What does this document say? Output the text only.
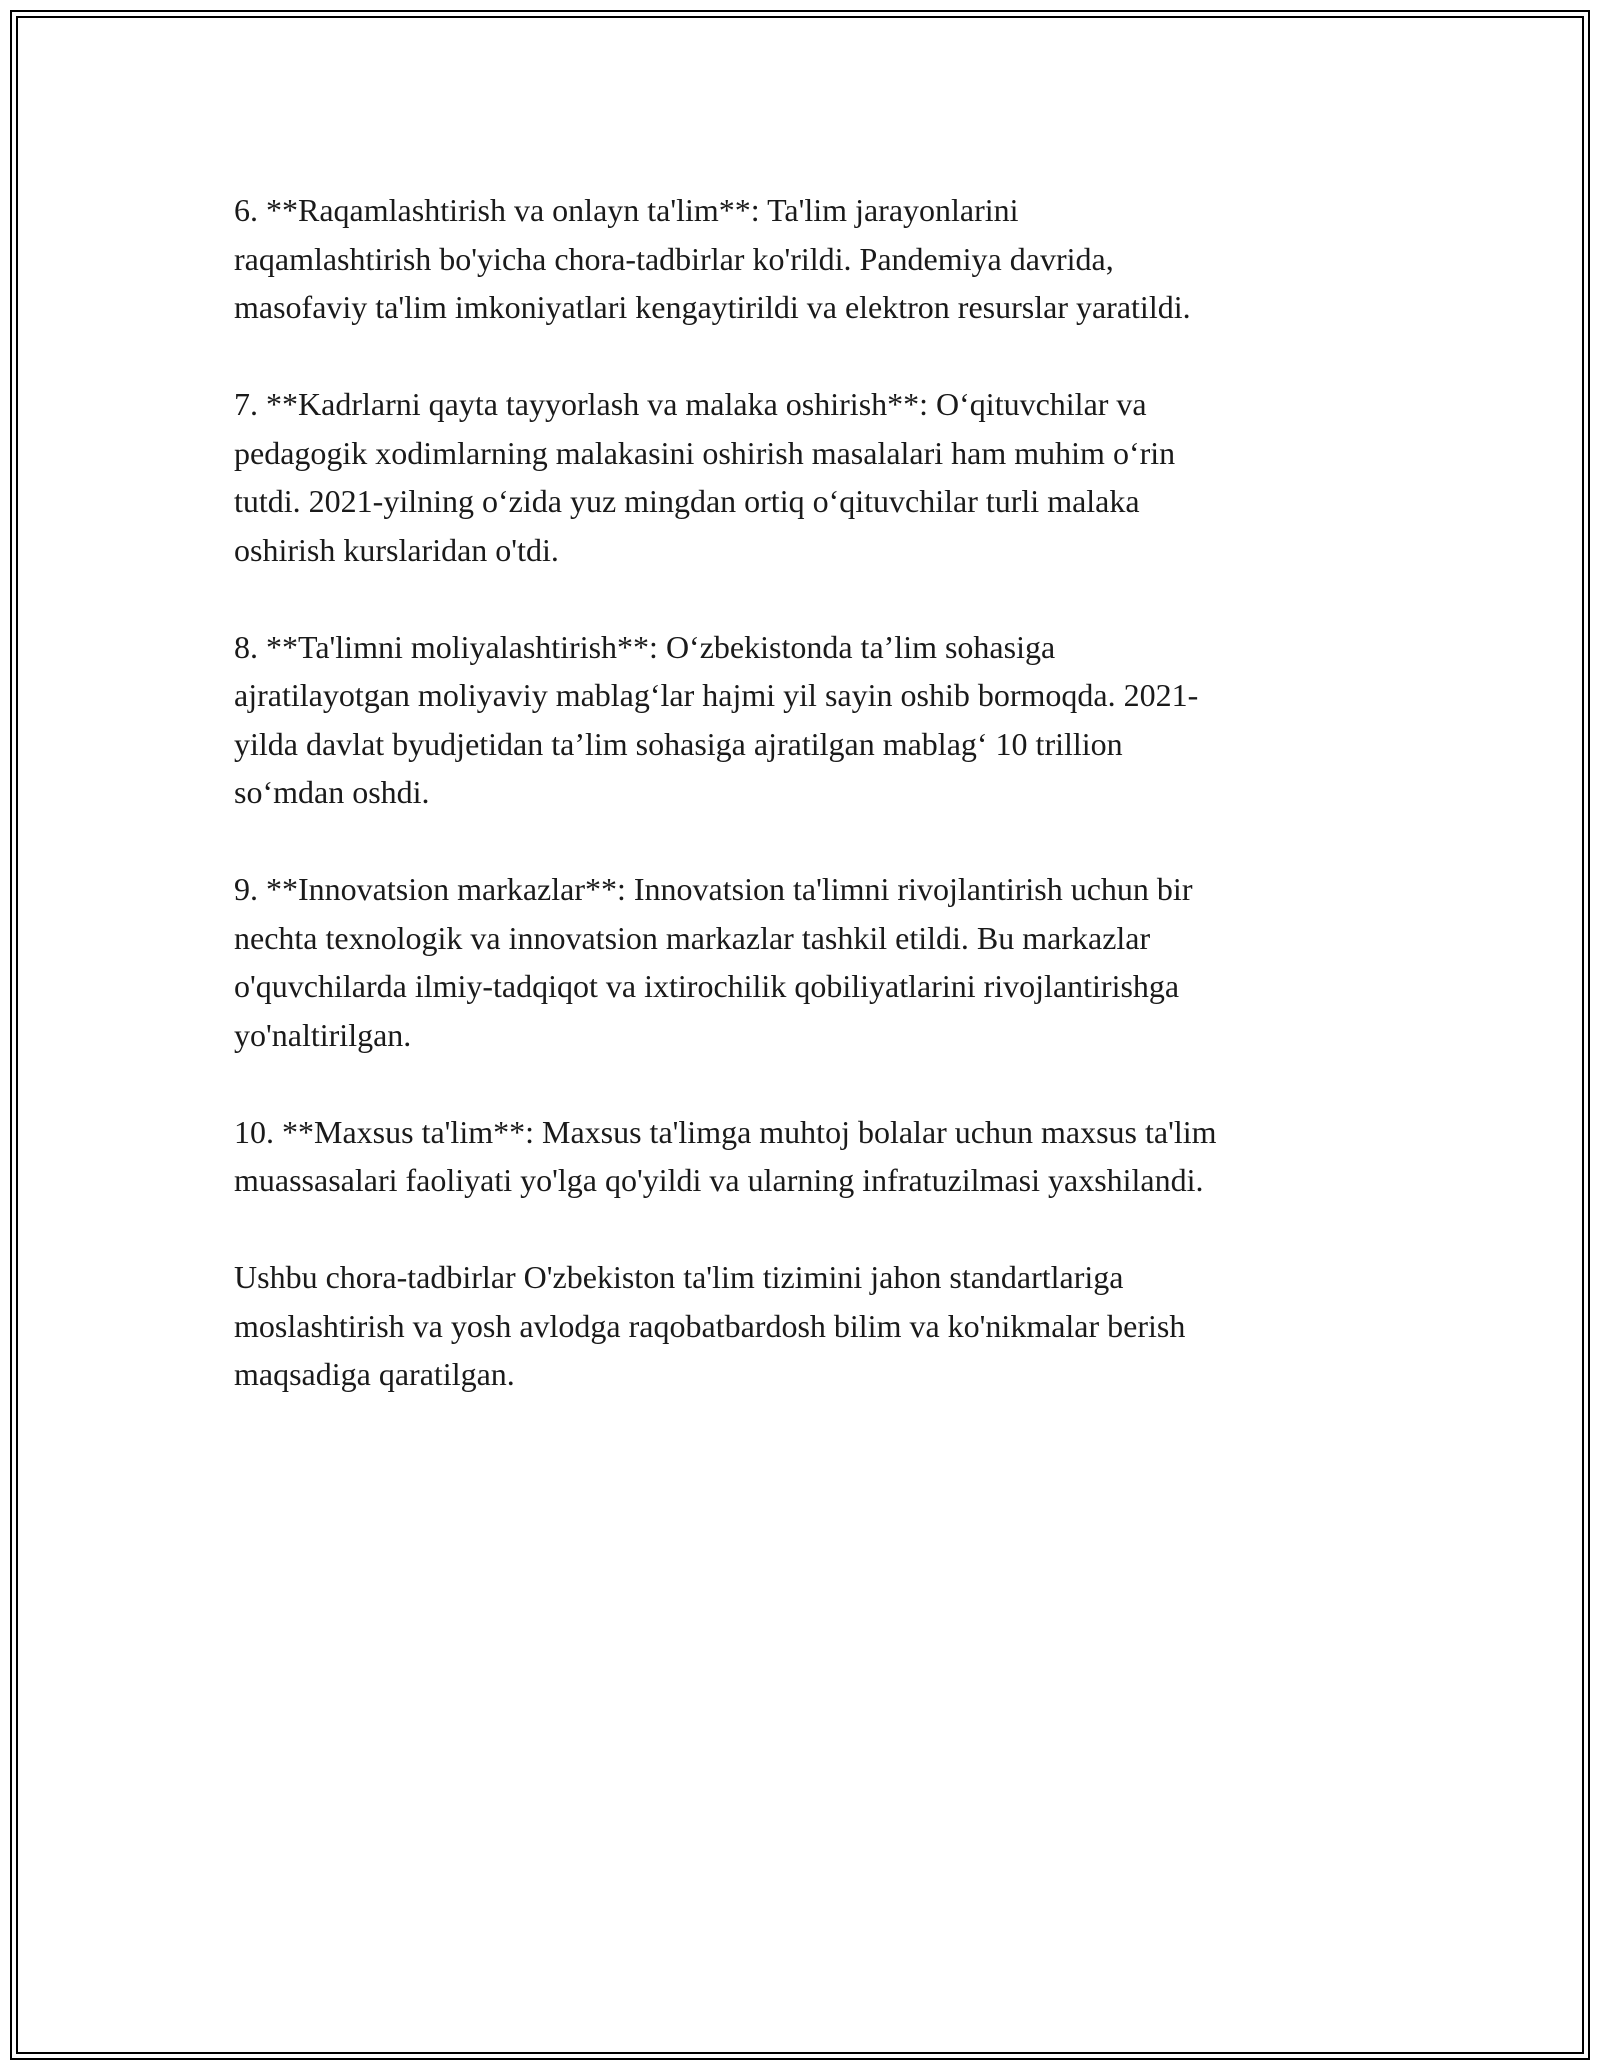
6. **Raqamlashtirish va onlayn ta'lim**: Ta'lim jarayonlarini
raqamlashtirish bo'yicha chora-tadbirlar ko'rildi. Pandemiya davrida,
masofaviy ta'lim imkoniyatlari kengaytirildi va elektron resurslar yaratildi.

7. **Kadrlarni qayta tayyorlash va malaka oshirish**: O‘qituvchilar va
pedagogik xodimlarning malakasini oshirish masalalari ham muhim o‘rin
tutdi. 2021-yilning o‘zida yuz mingdan ortiq o‘qituvchilar turli malaka
oshirish kurslaridan o'tdi.

8. **Ta'limni moliyalashtirish**: O‘zbekistonda ta’lim sohasiga
ajratilayotgan moliyaviy mablag‘lar hajmi yil sayin oshib bormoqda. 2021-
yilda davlat byudjetidan ta’lim sohasiga ajratilgan mablag‘ 10 trillion
so‘mdan oshdi.

9. **Innovatsion markazlar**: Innovatsion ta'limni rivojlantirish uchun bir
nechta texnologik va innovatsion markazlar tashkil etildi. Bu markazlar
o'quvchilarda ilmiy-tadqiqot va ixtirochilik qobiliyatlarini rivojlantirishga
yo'naltirilgan.

10. **Maxsus ta'lim**: Maxsus ta'limga muhtoj bolalar uchun maxsus ta'lim
muassasalari faoliyati yo'lga qo'yildi va ularning infratuzilmasi yaxshilandi.

Ushbu chora-tadbirlar O'zbekiston ta'lim tizimini jahon standartlariga
moslashtirish va yosh avlodga raqobatbardosh bilim va ko'nikmalar berish
maqsadiga qaratilgan.
